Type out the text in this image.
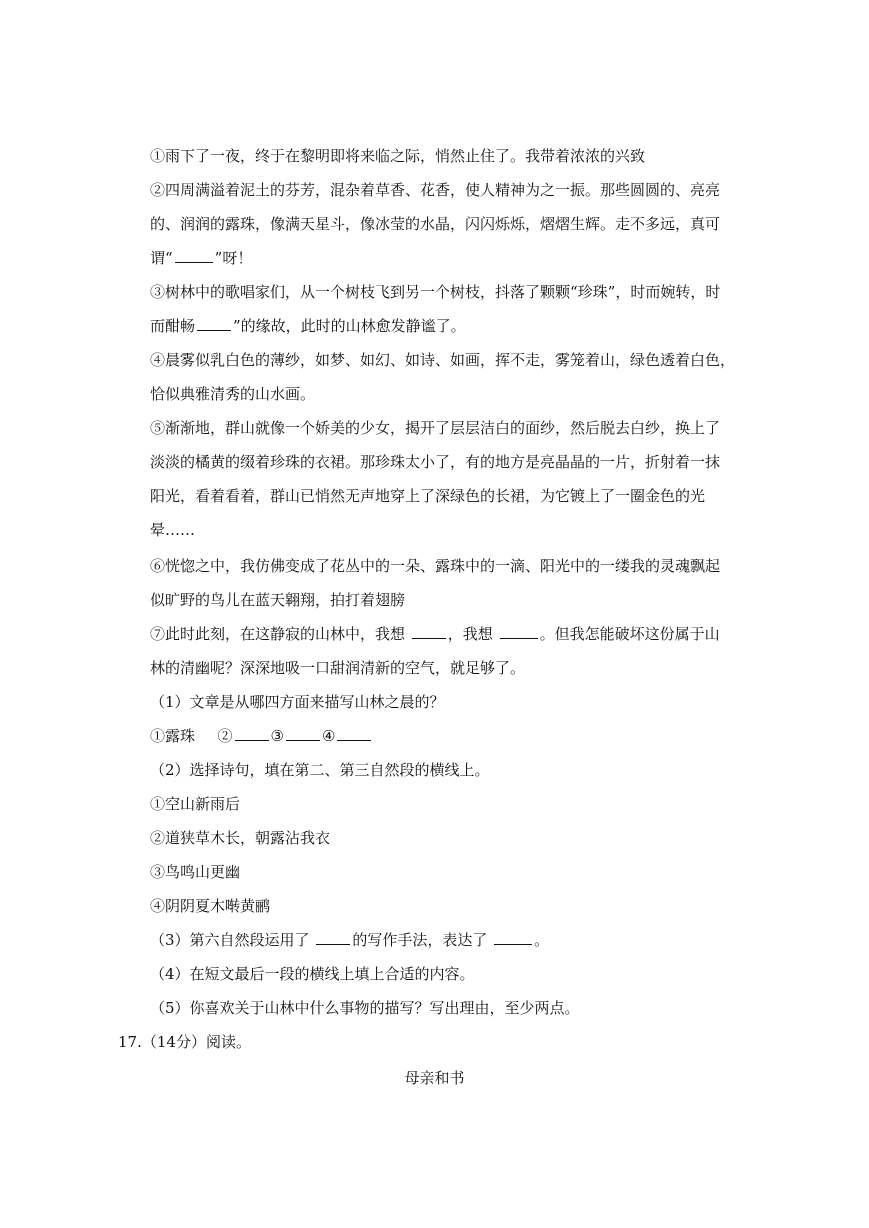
①雨下了一夜，终于在黎明即将来临之际，悄然止住了。我带着浓浓的兴致
②四周满溢着泥土的芬芳，混杂着草香、花香，使人精神为之一振。那些圆圆的、亮亮
的、润润的露珠，像满天星斗，像冰莹的水晶，闪闪烁烁，熠熠生辉。走不多远，真可
谓“	”呀！
③树林中的歌唱家们，从一个树枝飞到另一个树枝，抖落了颗颗“珍珠”，时而婉转，时
而酣畅	”的缘故，此时的山林愈发静谧了。
④晨雾似乳白色的薄纱，如梦、如幻、如诗、如画，挥不走，雾笼着山，绿色透着白色，
恰似典雅清秀的山水画。
⑤渐渐地，群山就像一个娇美的少女，揭开了层层洁白的面纱，然后脱去白纱，换上了
淡淡的橘黄的缀着珍珠的衣裙。那珍珠太小了，有的地方是亮晶晶的一片，折射着一抹
阳光，看着看着，群山已悄然无声地穿上了深绿色的长裙，为它镀上了一圈金色的光
晕……
⑥恍惚之中，我仿佛变成了花丛中的一朵、露珠中的一滴、阳光中的一缕我的灵魂飘起
似旷野的鸟儿在蓝天翱翔，拍打着翅膀
⑦此时此刻，在这静寂的山林中，我想	，我想	。但我怎能破坏这份属于山
林的清幽呢？深深地吸一口甜润清新的空气，就足够了。
（1）文章是从哪四方面来描写山林之晨的？
①露珠   ②	③	④
（2）选择诗句，填在第二、第三自然段的横线上。
①空山新雨后
②道狭草木长，朝露沾我衣
③鸟鸣山更幽
④阴阴夏木啭黄鹂
（3）第六自然段运用了	的写作手法，表达了	。
（4）在短文最后一段的横线上填上合适的内容。
（5）你喜欢关于山林中什么事物的描写？写出理由，至少两点。
17.（14分）阅读。
母亲和书
